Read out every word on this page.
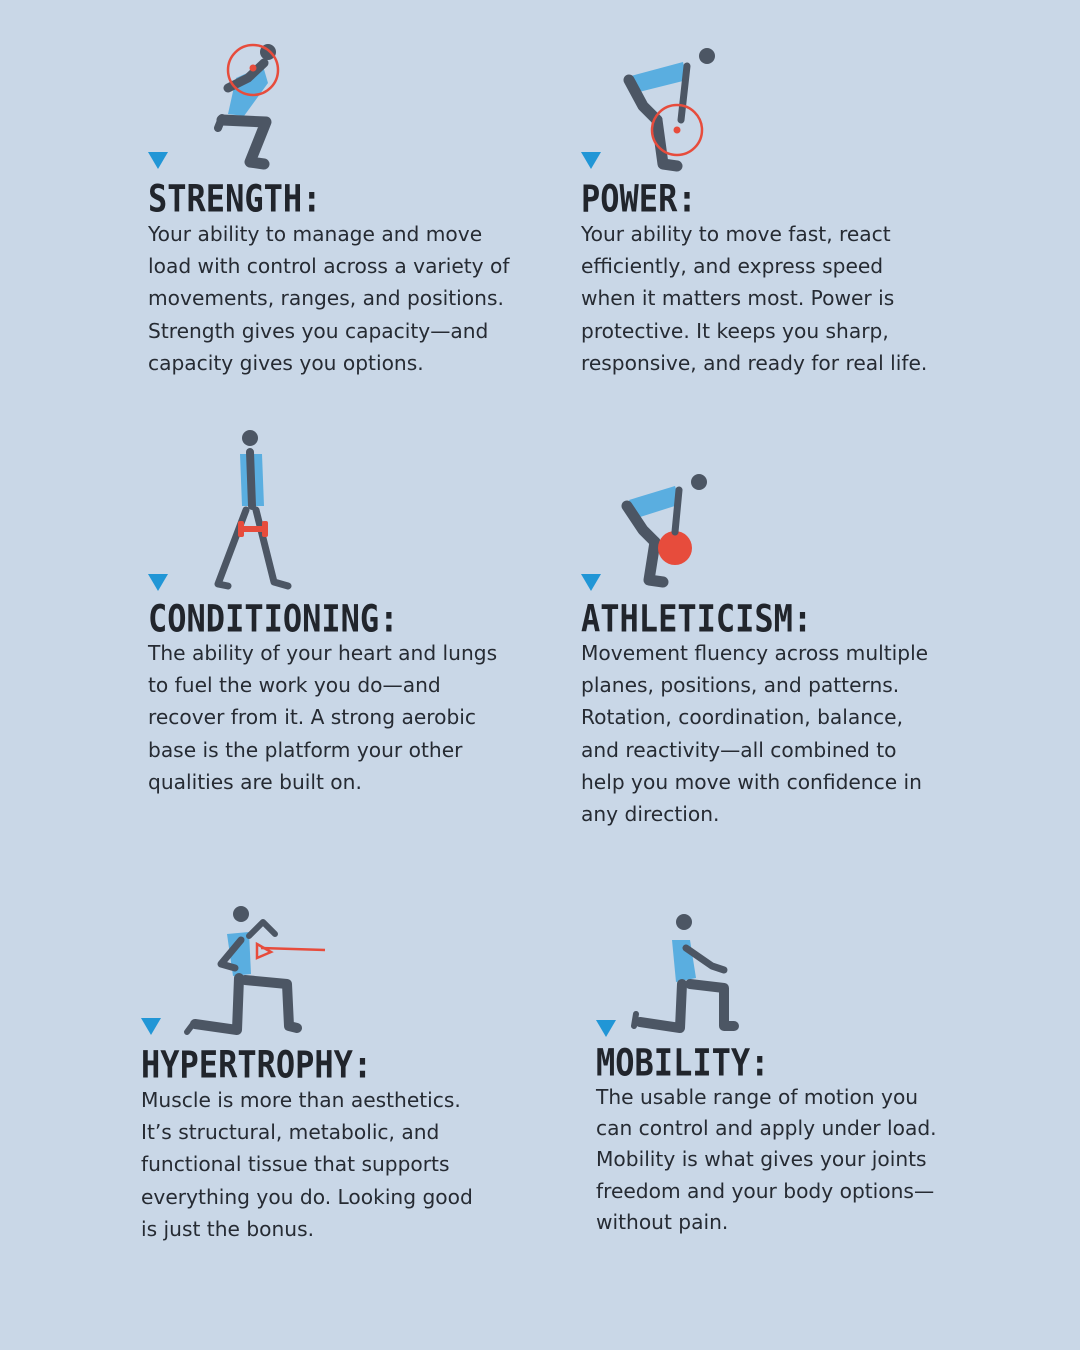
STRENGTH:

Your ability to manage and move
load with control across a variety of
movements, ranges, and positions.
Strength gives you capacity—and
capacity gives you options.

POWER:

Your ability to move fast, react
efficiently, and express speed
when it matters most. Power is
protective. It keeps you sharp,
responsive, and ready for real life.

CONDITIONING:

The ability of your heart and lungs
to fuel the work you do—and
recover from it. A strong aerobic
base is the platform your other
qualities are built on.

ATHLETICISM:

Movement fluency across multiple
planes, positions, and patterns.
Rotation, coordination, balance,
and reactivity—all combined to
help you move with confidence in
any direction.

HYPERTROPHY:

Muscle is more than aesthetics.
It’s structural, metabolic, and
functional tissue that supports
everything you do. Looking good
is just the bonus.

MOBILITY:

The usable range of motion you
can control and apply under load.
Mobility is what gives your joints
freedom and your body options—
without pain.
